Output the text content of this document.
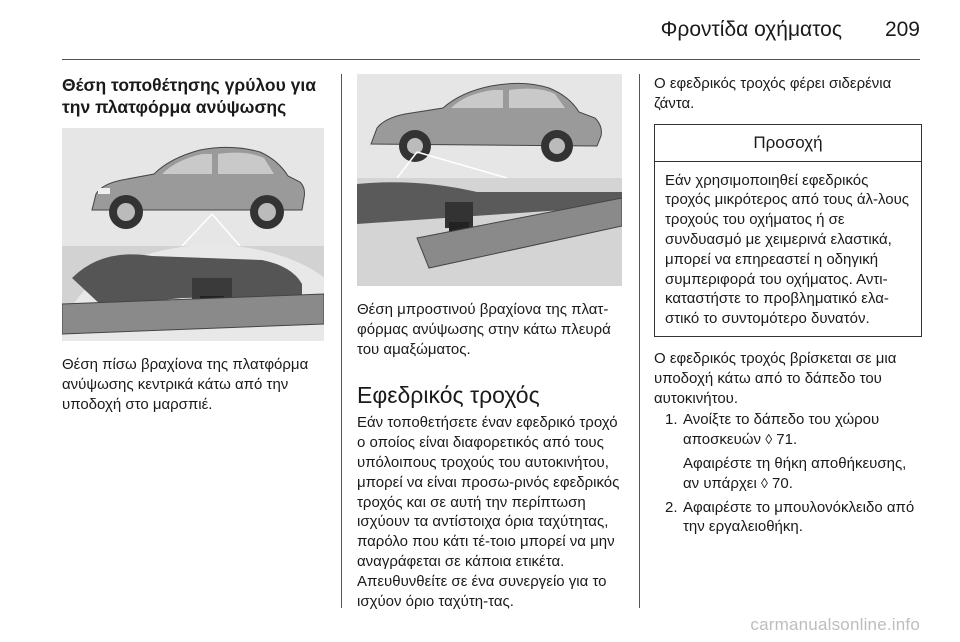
Φροντίδα οχήματος 209
Θέση τοποθέτησης γρύλου για την πλατφόρμα ανύψωσης

Θέση πίσω βραχίονα της πλατφόρμα ανύψωσης κεντρικά κάτω από την υποδοχή στο μαρσπιέ.

Θέση μπροστινού βραχίονα της πλατ-φόρμας ανύψωσης στην κάτω πλευρά του αμαξώματος.

Εφεδρικός τροχός

Εάν τοποθετήσετε έναν εφεδρικό τροχό ο οποίος είναι διαφορετικός από τους υπόλοιπους τροχούς του αυτοκινήτου, μπορεί να είναι προσω-ρινός εφεδρικός τροχός και σε αυτή την περίπτωση ισχύουν τα αντίστοιχα όρια ταχύτητας, παρόλο που κάτι τέ-τοιο μπορεί να μην αναγράφεται σε κάποια ετικέτα. Απευθυνθείτε σε ένα συνεργείο για το ισχύον όριο ταχύτη-τας.

Ο εφεδρικός τροχός φέρει σιδερένια ζάντα.

Προσοχή
Εάν χρησιμοποιηθεί εφεδρικός τροχός μικρότερος από τους άλ-λους τροχούς του οχήματος ή σε συνδυασμό με χειμερινά ελαστικά, μπορεί να επηρεαστεί η οδηγική συμπεριφορά του οχήματος. Αντι-καταστήστε το προβληματικό ελα-στικό το συντομότερο δυνατόν.

Ο εφεδρικός τροχός βρίσκεται σε μια υποδοχή κάτω από το δάπεδο του αυτοκινήτου.

1. Ανοίξτε το δάπεδο του χώρου αποσκευών ◊ 71.

Αφαιρέστε τη θήκη αποθήκευσης, αν υπάρχει ◊ 70.

2. Αφαιρέστε το μπουλονόκλειδο από την εργαλειοθήκη.

carmanualsonline.info
